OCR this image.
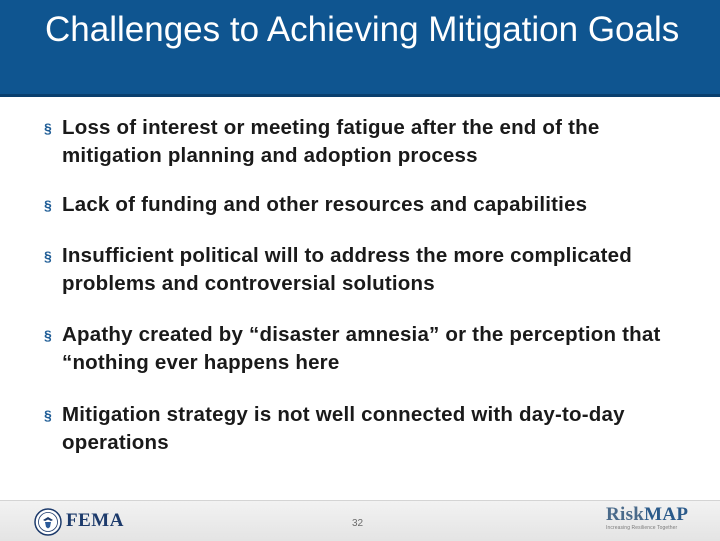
Challenges to Achieving Mitigation Goals
§ Loss of interest or meeting fatigue after the end of the mitigation planning and adoption process
§ Lack of funding and other resources and capabilities
§ Insufficient political will to address the more complicated problems and controversial solutions
§ Apathy created by “disaster amnesia” or the perception that “nothing ever happens here
§ Mitigation strategy is not well connected with day-to-day operations
FEMA	32	RiskMAP
Increasing Resilience Together
